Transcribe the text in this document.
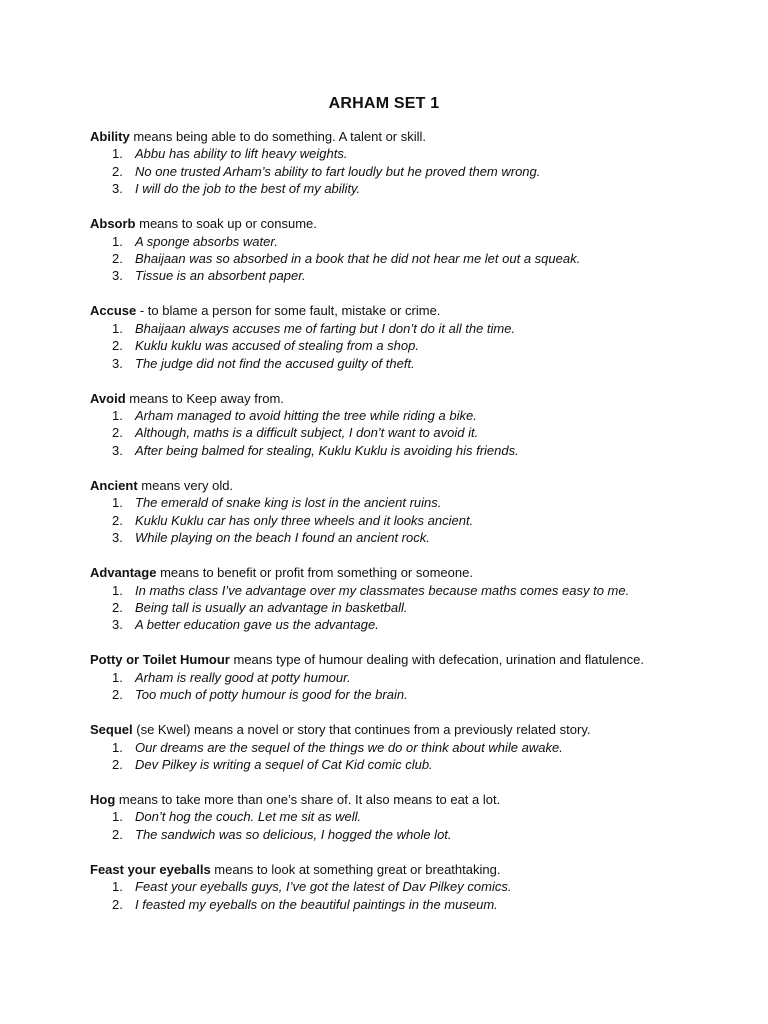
ARHAM SET 1
Ability means being able to do something. A talent or skill.
1. Abbu has ability to lift heavy weights.
2. No one trusted Arham’s ability to fart loudly but he proved them wrong.
3. I will do the job to the best of my ability.
Absorb means to soak up or consume.
1. A sponge absorbs water.
2. Bhaijaan was so absorbed in a book that he did not hear me let out a squeak.
3. Tissue is an absorbent paper.
Accuse - to blame a person for some fault, mistake or crime.
1. Bhaijaan always accuses me of farting but I don’t do it all the time.
2. Kuklu kuklu was accused of stealing from a shop.
3. The judge did not find the accused guilty of theft.
Avoid means to Keep away from.
1. Arham managed to avoid hitting the tree while riding a bike.
2. Although, maths is a difficult subject, I don’t want to avoid it.
3. After being balmed for stealing, Kuklu Kuklu is avoiding his friends.
Ancient means very old.
1. The emerald of snake king is lost in the ancient ruins.
2. Kuklu Kuklu car has only three wheels and it looks ancient.
3. While playing on the beach I found an ancient rock.
Advantage means to benefit or profit from something or someone.
1. In maths class I’ve advantage over my classmates because maths comes easy to me.
2. Being tall is usually an advantage in basketball.
3. A better education gave us the advantage.
Potty or Toilet Humour means type of humour dealing with defecation, urination and flatulence.
1. Arham is really good at potty humour.
2. Too much of potty humour is good for the brain.
Sequel (se Kwel) means a novel or story that continues from a previously related story.
1. Our dreams are the sequel of the things we do or think about while awake.
2. Dev Pilkey is writing a sequel of Cat Kid comic club.
Hog means to take more than one’s share of. It also means to eat a lot.
1. Don’t hog the couch. Let me sit as well.
2. The sandwich was so delicious, I hogged the whole lot.
Feast your eyeballs means to look at something great or breathtaking.
1. Feast your eyeballs guys, I’ve got the latest of Dav Pilkey comics.
2. I feasted my eyeballs on the beautiful paintings in the museum.
